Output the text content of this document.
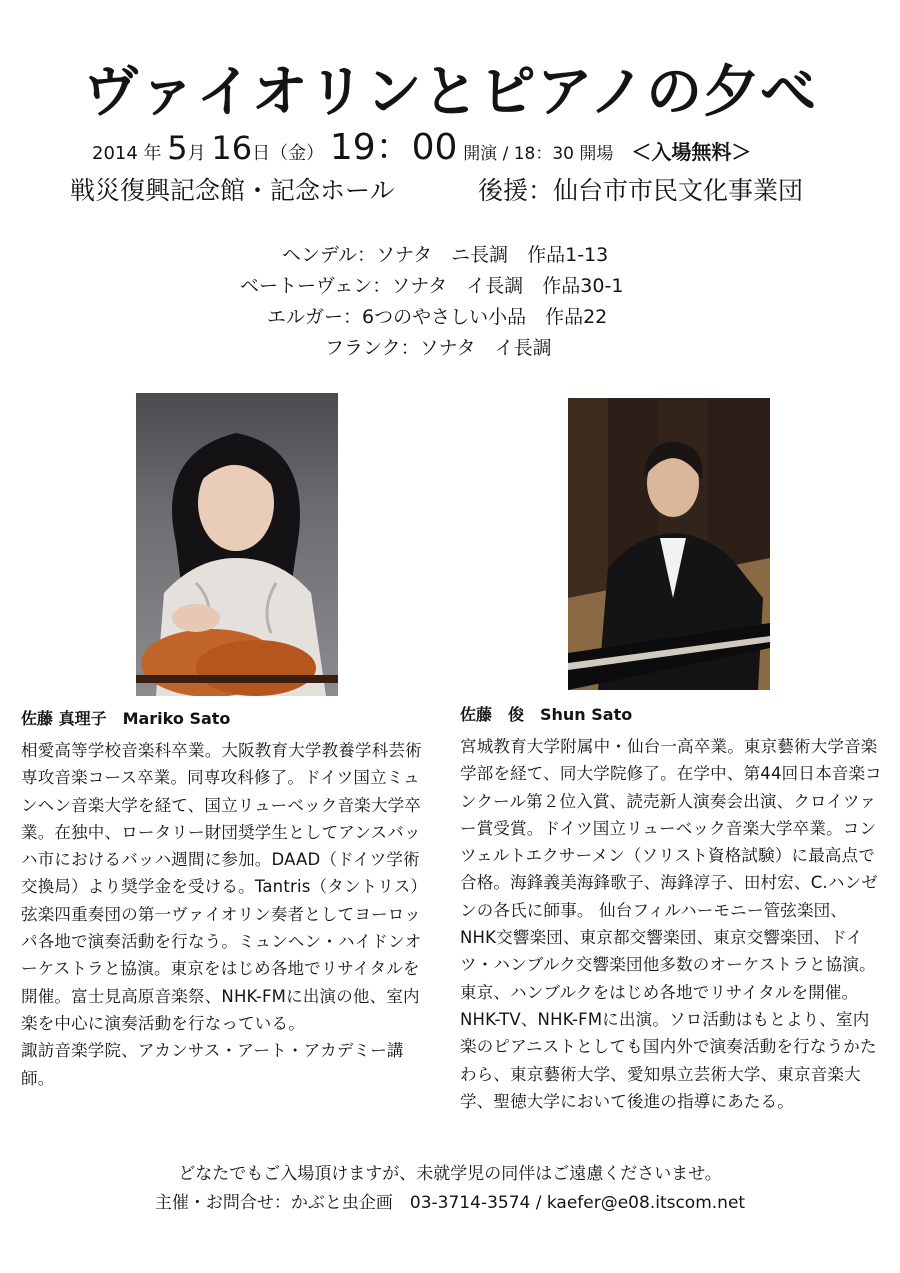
ヴァイオリンとピアノの夕べ
2014 年 5月 16日（金） 19：00 開演 / 18：30 開場 ＜入場無料＞
戦災復興記念館・記念ホール	後援：仙台市市民文化事業団
ヘンデル：ソナタ　ニ長調　作品1-13
ベートーヴェン：ソナタ　イ長調　作品30-1
エルガー：6つのやさしい小品　作品22
フランク：ソナタ　イ長調
佐藤 真理子　Mariko Sato

相愛高等学校音楽科卒業。大阪教育大学教養学科芸術専攻音楽コース卒業。同専攻科修了。ドイツ国立ミュンヘン音楽大学を経て、国立リューベック音楽大学卒業。在独中、ロータリー財団奨学生としてアンスバッハ市におけるバッハ週間に参加。DAAD（ドイツ学術交換局）より奨学金を受ける。Tantris（タントリス）弦楽四重奏団の第一ヴァイオリン奏者としてヨーロッパ各地で演奏活動を行なう。ミュンヘン・ハイドンオーケストラと協演。東京をはじめ各地でリサイタルを開催。富士見高原音楽祭、NHK-FMに出演の他、室内楽を中心に演奏活動を行なっている。

諏訪音楽学院、アカンサス・アート・アカデミー講師。

佐藤　俊　Shun Sato

宮城教育大学附属中・仙台一高卒業。東京藝術大学音楽学部を経て、同大学院修了。在学中、第44回日本音楽コンクール第２位入賞、読売新人演奏会出演、クロイツァー賞受賞。ドイツ国立リューベック音楽大学卒業。コンツェルトエクサーメン（ソリスト資格試験）に最高点で合格。海鋒義美海鋒歌子、海鋒淳子、田村宏、C.ハンゼンの各氏に師事。 仙台フィルハーモニー管弦楽団、 NHK交響楽団、東京都交響楽団、東京交響楽団、ドイツ・ハンブルク交響楽団他多数のオーケストラと協演。東京、ハンブルクをはじめ各地でリサイタルを開催。NHK-TV、NHK-FMに出演。ソロ活動はもとより、室内楽のピアニストとしても国内外で演奏活動を行なうかたわら、東京藝術大学、愛知県立芸術大学、東京音楽大学、聖徳大学において後進の指導にあたる。

どなたでもご入場頂けますが、未就学児の同伴はご遠慮くださいませ。
主催・お問合せ：かぶと虫企画　03-3714-3574 / kaefer@e08.itscom.net
